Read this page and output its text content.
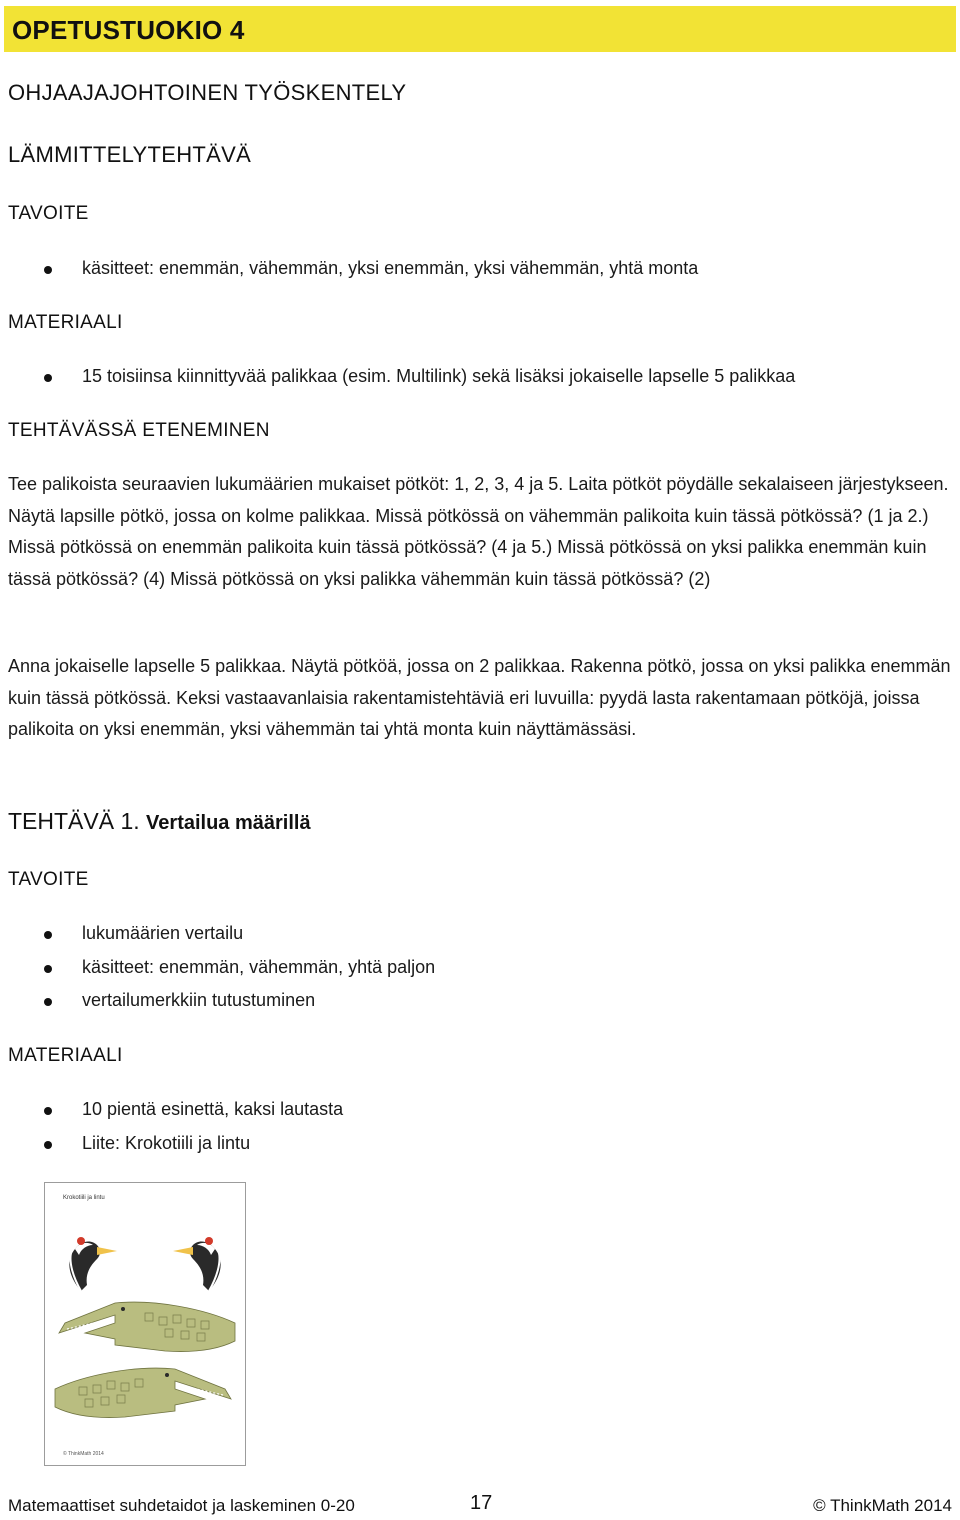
OPETUSTUOKIO 4
OHJAAJAJOHTOINEN TYÖSKENTELY
LÄMMITTELYTEHTÄVÄ
TAVOITE
käsitteet: enemmän, vähemmän, yksi enemmän, yksi vähemmän, yhtä monta
MATERIAALI
15 toisiinsa kiinnittyvää palikkaa (esim. Multilink) sekä lisäksi jokaiselle lapselle 5 palikkaa
TEHTÄVÄSSÄ ETENEMINEN
Tee palikoista seuraavien lukumäärien mukaiset pötköt: 1, 2, 3, 4 ja 5. Laita pötköt pöydälle sekalaiseen järjestykseen. Näytä lapsille pötkö, jossa on kolme palikkaa. Missä pötkössä on vähemmän palikoita kuin tässä pötkössä? (1 ja 2.) Missä pötkössä on enemmän palikoita kuin tässä pötkössä? (4 ja 5.) Missä pötkössä on yksi palikka enemmän kuin tässä pötkössä? (4) Missä pötkössä on yksi palikka vähemmän kuin tässä pötkössä? (2)
Anna jokaiselle lapselle 5 palikkaa. Näytä pötköä, jossa on 2 palikkaa. Rakenna pötkö, jossa on yksi palikka enemmän kuin tässä pötkössä. Keksi vastaavanlaisia rakentamistehtäviä eri luvuilla: pyydä lasta rakentamaan pötköjä, joissa palikoita on yksi enemmän, yksi vähemmän tai yhtä monta kuin näyttämässäsi.
TEHTÄVÄ 1. Vertailua määrillä
TAVOITE
lukumäärien vertailu
käsitteet: enemmän, vähemmän, yhtä paljon
vertailumerkkiin tutustuminen
MATERIAALI
10 pientä esinettä, kaksi lautasta
Liite: Krokotiili ja lintu
Krokotiili ja lintu
© ThinkMath 2014
Matemaattiset suhdetaidot ja laskeminen 0-20	17	© ThinkMath 2014
